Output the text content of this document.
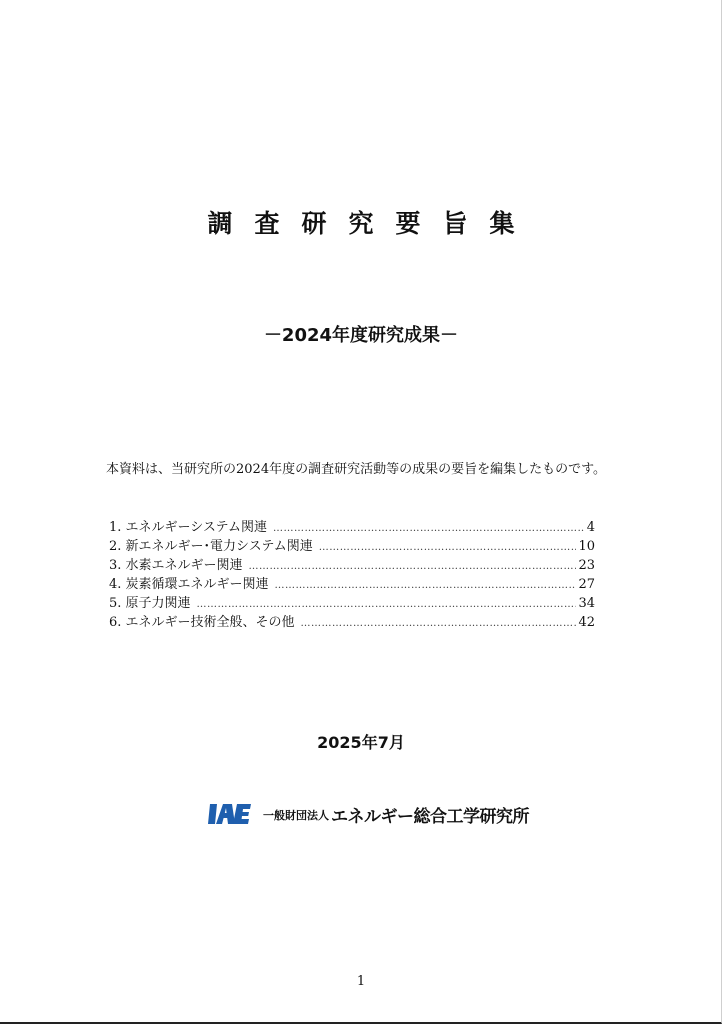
調査研究要旨集
－2024年度研究成果－
本資料は、当研究所の2024年度の調査研究活動等の成果の要旨を編集したものです。
1. エネルギーシステム関連 ……………………………………………………………………………………………………………………………………	4
2. 新エネルギー･電力システム関連 ……………………………………………………………………………………………………………………………………	10
3. 水素エネルギー関連 ……………………………………………………………………………………………………………………………………	23
4. 炭素循環エネルギー関連 ……………………………………………………………………………………………………………………………………	27
5. 原子力関連 ……………………………………………………………………………………………………………………………………	34
6. エネルギー技術全般、その他 ……………………………………………………………………………………………………………………………………	42
2025年7月
一般財団法人 エネルギー総合工学研究所
1
